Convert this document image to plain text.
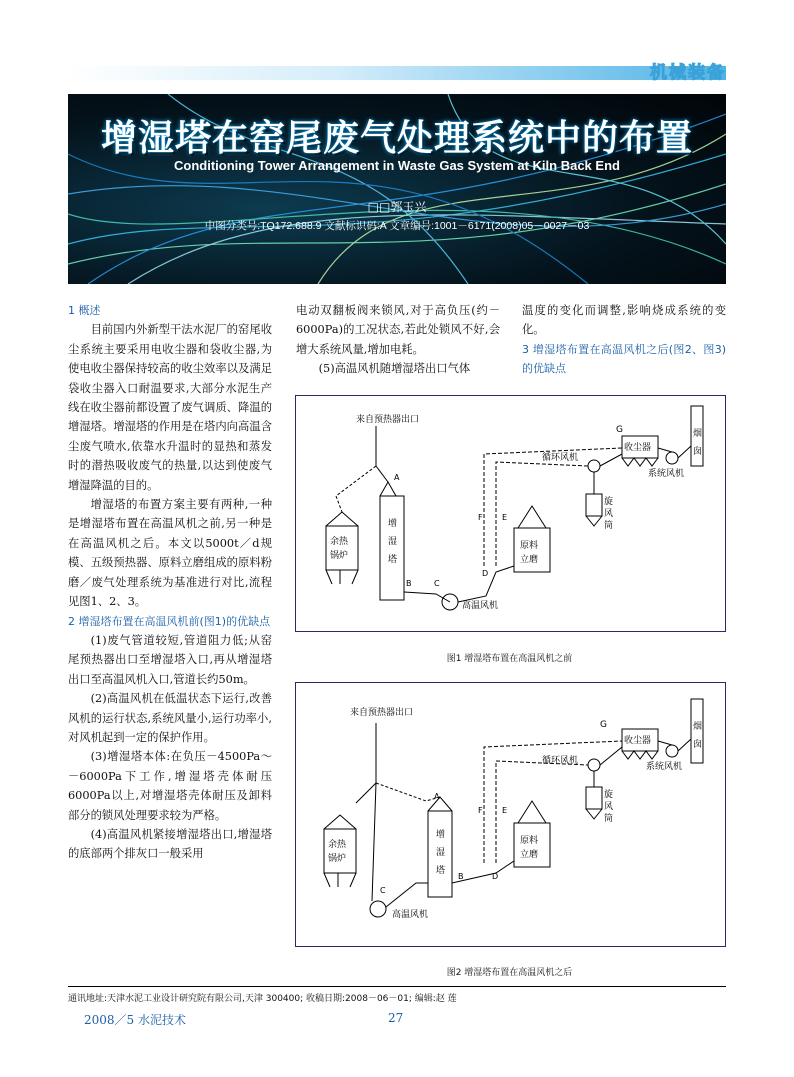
机械装备
增湿塔在窑尾废气处理系统中的布置
Conditioning Tower Arrangement in Waste Gas System at Kiln Back End
□□郭玉兴
中图分类号:TQ172.688.9 文献标识码:A 文章编号:1001－6171(2008)05－0027－03

1 概述

目前国内外新型干法水泥厂的窑尾收尘系统主要采用电收尘器和袋收尘器,为使电收尘器保持较高的收尘效率以及满足袋收尘器入口耐温要求,大部分水泥生产线在收尘器前都设置了废气调质、降温的增湿塔。增湿塔的作用是在塔内向高温含尘废气喷水,依靠水升温时的显热和蒸发时的潜热吸收废气的热量,以达到使废气增湿降温的目的。

增湿塔的布置方案主要有两种,一种是增湿塔布置在高温风机之前,另一种是在高温风机之后。本文以5000t／d规模、五级预热器、原料立磨组成的原料粉磨／废气处理系统为基准进行对比,流程见图1、2、3。

2 增湿塔布置在高温风机前(图1)的优缺点

(1)废气管道较短,管道阻力低;从窑尾预热器出口至增湿塔入口,再从增湿塔出口至高温风机入口,管道长约50m。

(2)高温风机在低温状态下运行,改善风机的运行状态,系统风量小,运行功率小,对风机起到一定的保护作用。

(3)增湿塔本体:在负压－4500Pa～－6000Pa下工作,增湿塔壳体耐压6000Pa以上,对增湿塔壳体耐压及卸料部分的锁风处理要求较为严格。

(4)高温风机紧接增湿塔出口,增湿塔的底部两个排灰口一般采用

电动双翻板阀来锁风,对于高负压(约－6000Pa)的工况状态,若此处锁风不好,会增大系统风量,增加电耗。

(5)高温风机随增湿塔出口气体

温度的变化而调整,影响烧成系统的变化。

3 增湿塔布置在高温风机之后(图2、图3)的优缺点

烟
囱
收尘器
G
系统风机
旋
风
筒
循环风机
原料
立磨
增
湿
塔
A
余热
锅炉
高温风机
B	C
D
F E
来自预热器出口
图1 增湿塔布置在高温风机之前
烟
囱
收尘器
G
系统风机
旋
风
筒
循环风机
原料
立磨
增
湿
塔
A
余热
锅炉
高温风机
C
B	D
F E
来自预热器出口
图2 增湿塔布置在高温风机之后
通讯地址:天津水泥工业设计研究院有限公司,天津 300400; 收稿日期:2008－06－01; 编辑:赵 莲
2008／5 水泥技术	27
